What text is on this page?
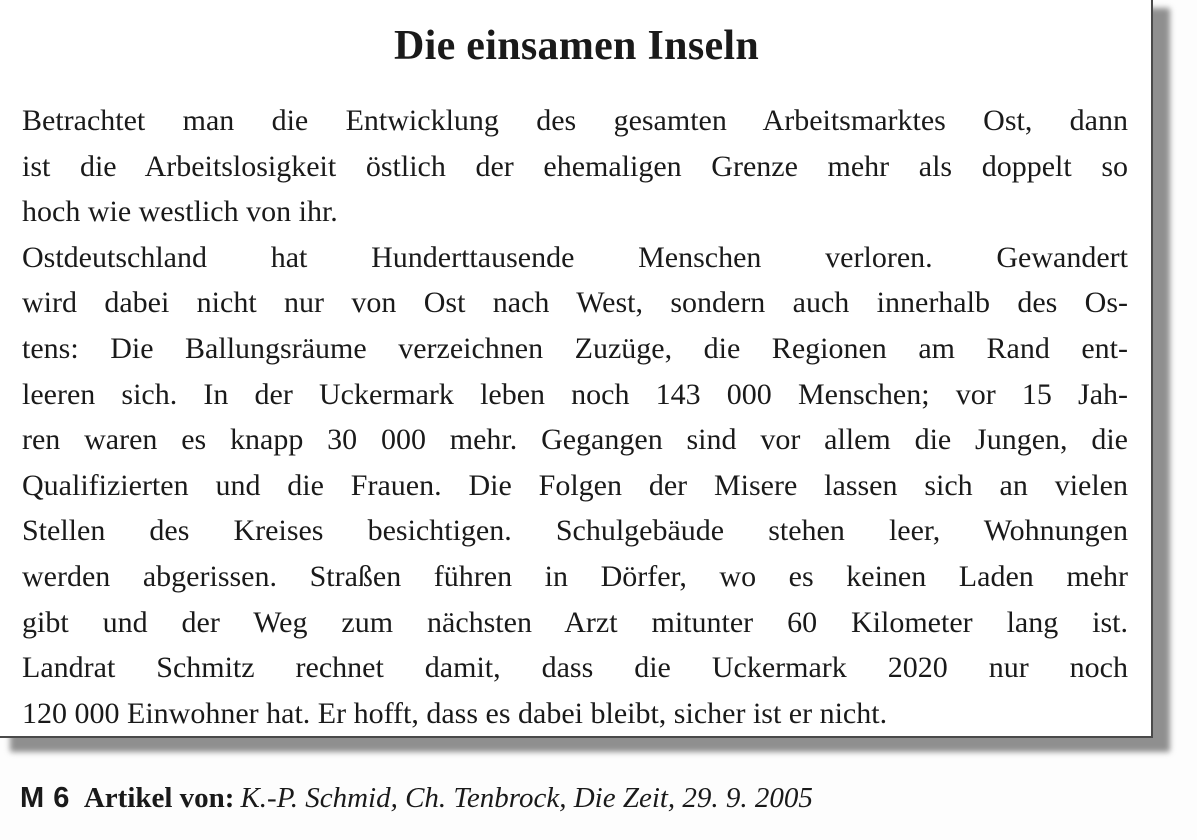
Die einsamen Inseln
Betrachtet man die Entwicklung des gesamten Arbeitsmarktes Ost, dann
ist die Arbeitslosigkeit östlich der ehemaligen Grenze mehr als doppelt so
hoch wie westlich von ihr.
Ostdeutschland hat Hunderttausende Menschen verloren. Gewandert
wird dabei nicht nur von Ost nach West, sondern auch innerhalb des Os-
tens: Die Ballungsräume verzeichnen Zuzüge, die Regionen am Rand ent-
leeren sich. In der Uckermark leben noch 143 000 Menschen; vor 15 Jah-
ren waren es knapp 30 000 mehr. Gegangen sind vor allem die Jungen, die
Qualifizierten und die Frauen. Die Folgen der Misere lassen sich an vielen
Stellen des Kreises besichtigen. Schulgebäude stehen leer, Wohnungen
werden abgerissen. Straßen führen in Dörfer, wo es keinen Laden mehr
gibt und der Weg zum nächsten Arzt mitunter 60 Kilometer lang ist.
Landrat Schmitz rechnet damit, dass die Uckermark 2020 nur noch
120 000 Einwohner hat. Er hofft, dass es dabei bleibt, sicher ist er nicht.
M 6 Artikel von: K.-P. Schmid, Ch. Tenbrock, Die Zeit, 29. 9. 2005
